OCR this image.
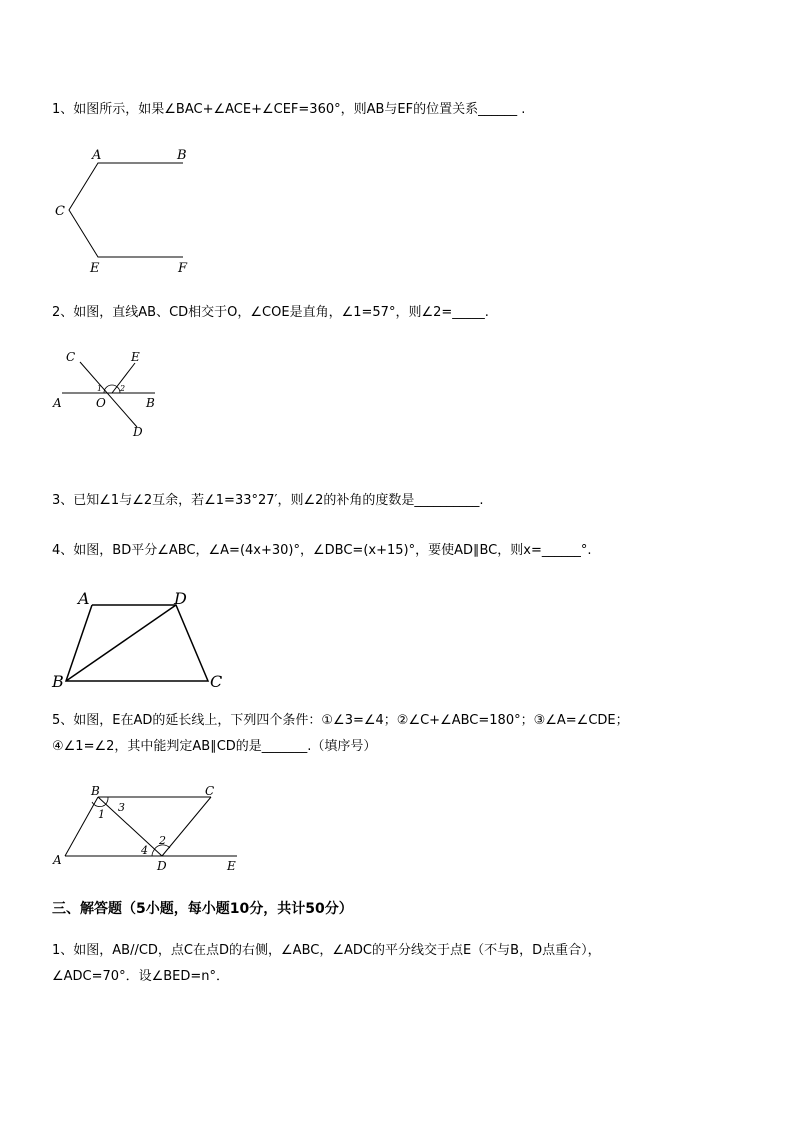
1、如图所示，如果∠BAC+∠ACE+∠CEF=360°，则AB与EF的位置关系______ .
A	B
C
E	F
2、如图，直线AB、CD相交于O，∠COE是直角，∠1=57°，则∠2=_____.
C	E
A	O	B
D
1 2
3、已知∠1与∠2互余，若∠1=33°27′，则∠2的补角的度数是__________.
4、如图，BD平分∠ABC，∠A=(4x+30)°，∠DBC=(x+15)°，要使AD∥BC，则x=______°.
A	D
B	C
5、如图，E在AD的延长线上，下列四个条件：①∠3=∠4；②∠C+∠ABC=180°；③∠A=∠CDE；
④∠1=∠2，其中能判定AB∥CD的是_______.（填序号）
B	C
A	D	E
1
2
3
4
三、解答题（5小题，每小题10分，共计50分）
1、如图，AB//CD，点C在点D的右侧，∠ABC，∠ADC的平分线交于点E（不与B，D点重合），
∠ADC=70°．设∠BED=n°．
